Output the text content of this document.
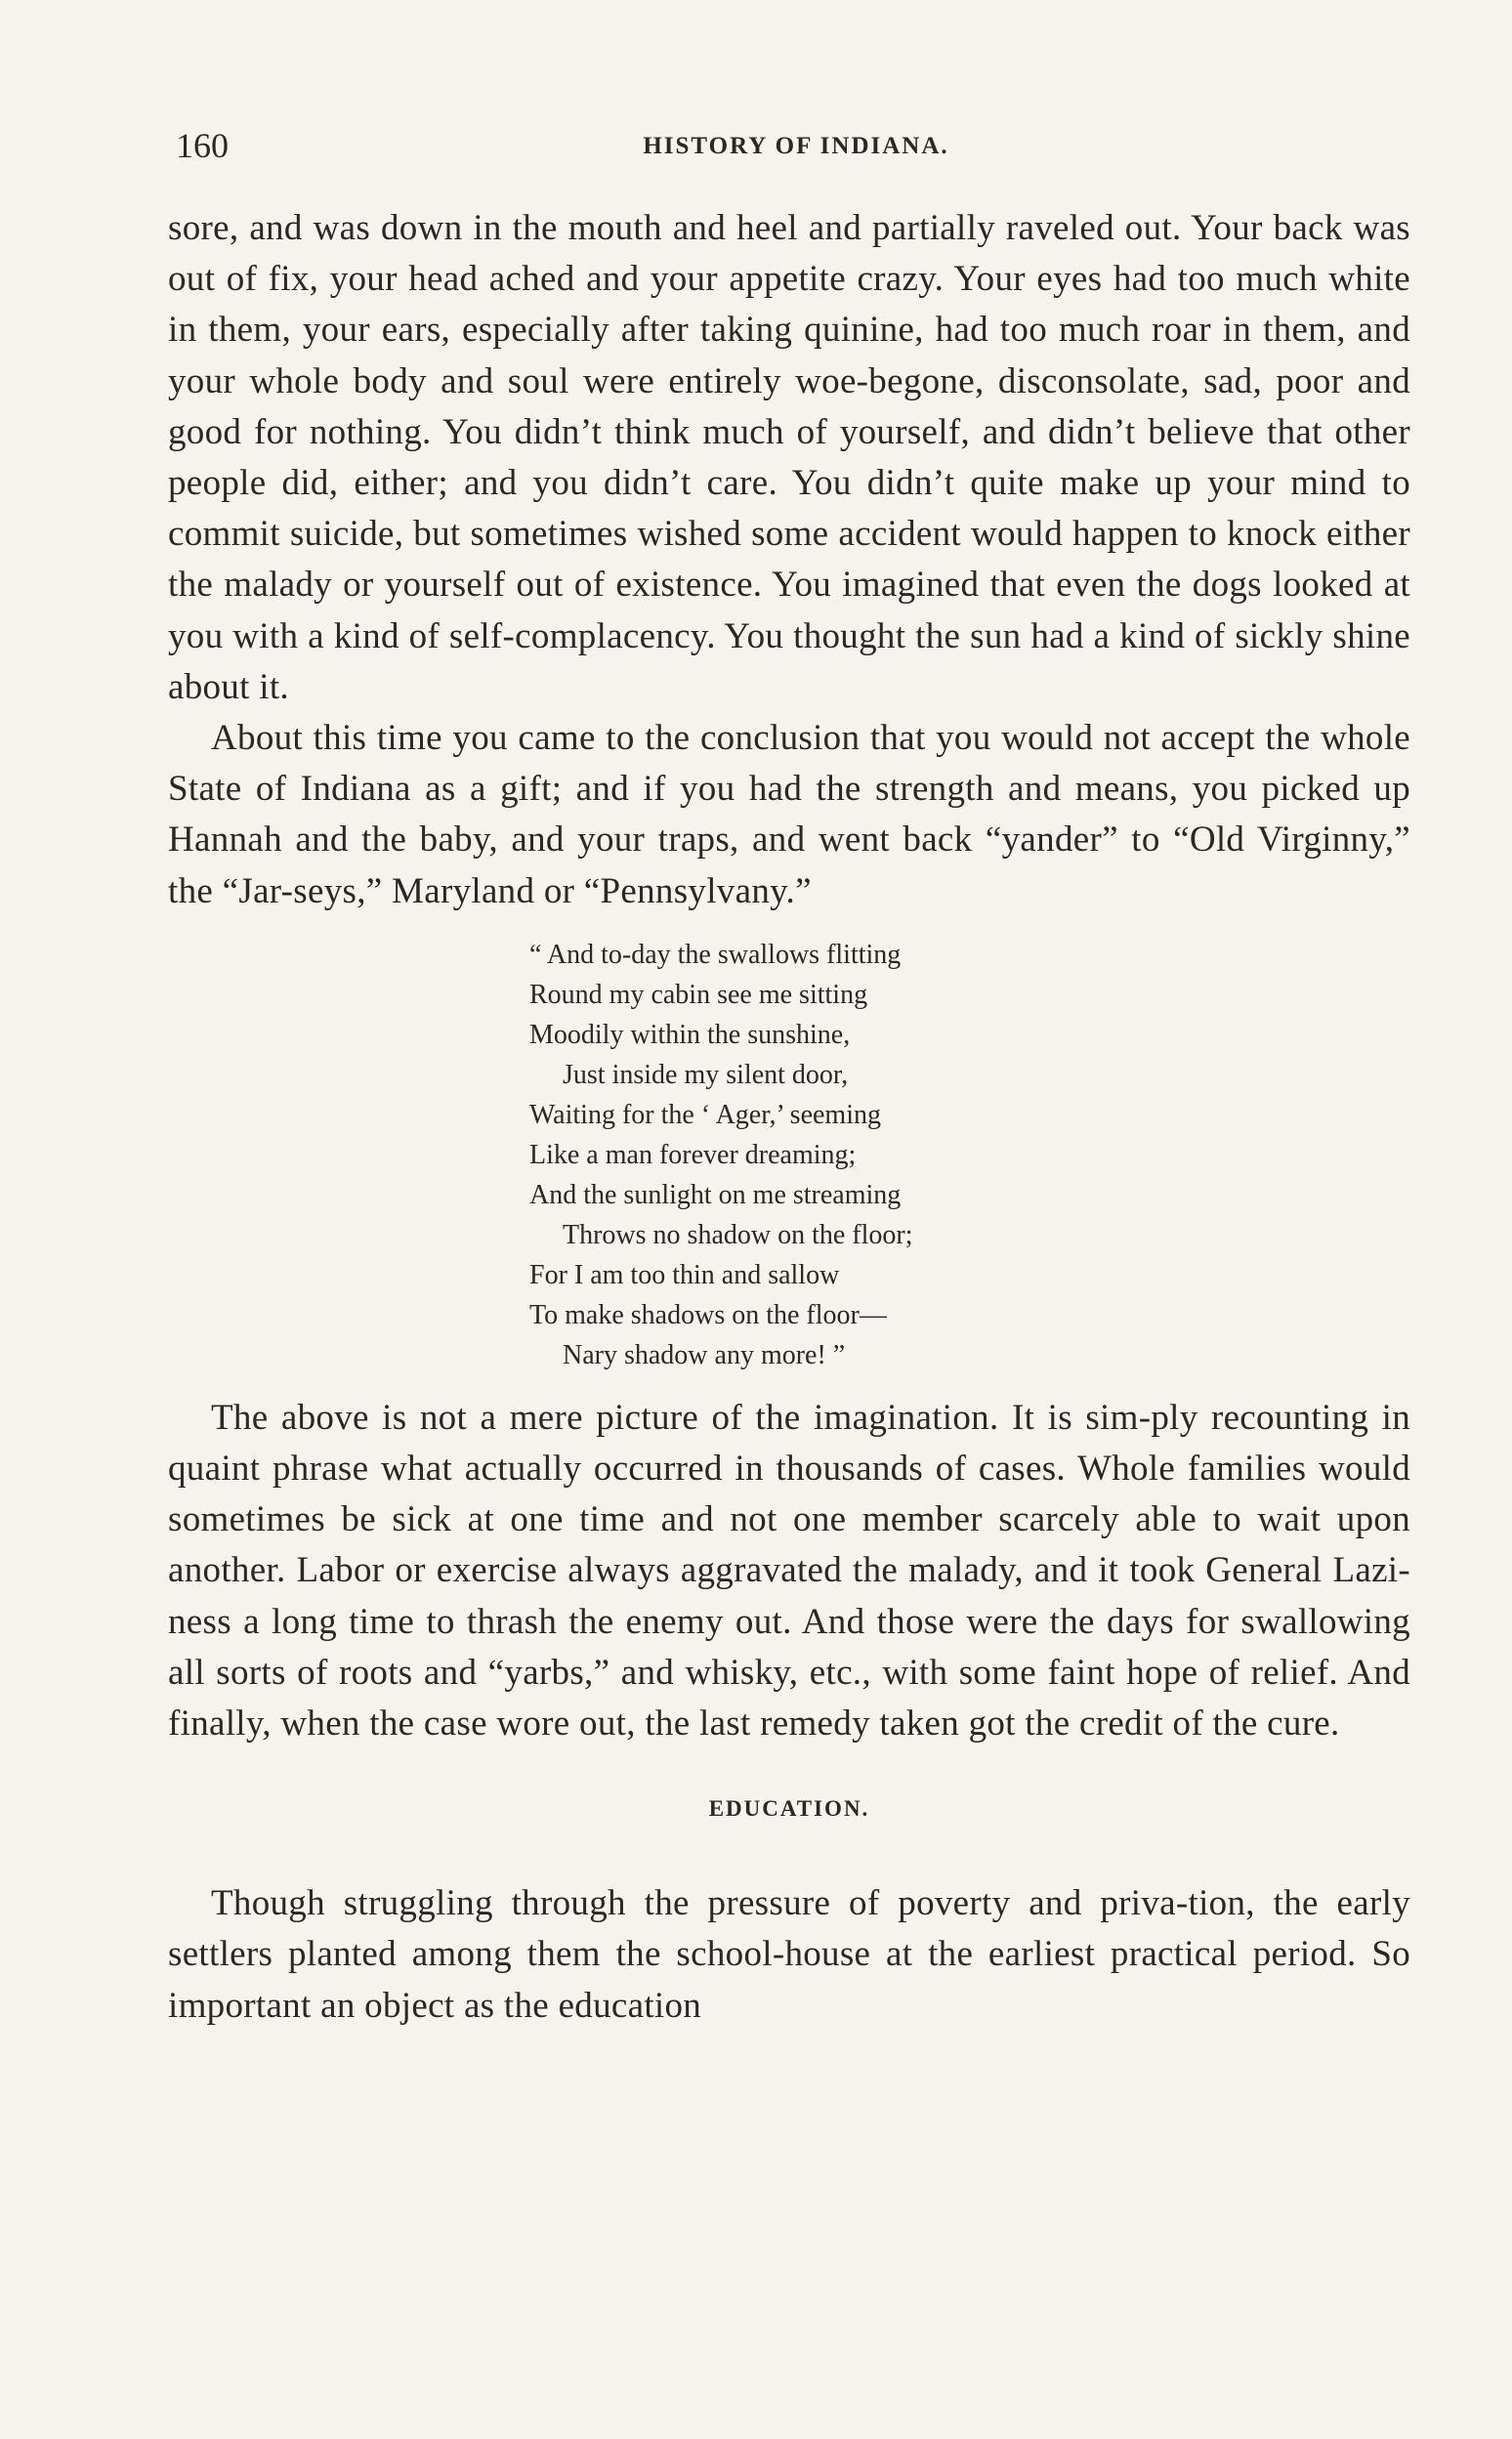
160	HISTORY OF INDIANA.

sore, and was down in the mouth and heel and partially raveled out. Your back was out of fix, your head ached and your appetite crazy. Your eyes had too much white in them, your ears, especially after taking quinine, had too much roar in them, and your whole body and soul were entirely woe-begone, disconsolate, sad, poor and good for nothing. You didn’t think much of yourself, and didn’t believe that other people did, either; and you didn’t care. You didn’t quite make up your mind to commit suicide, but sometimes wished some accident would happen to knock either the malady or yourself out of existence. You imagined that even the dogs looked at you with a kind of self-complacency. You thought the sun had a kind of sickly shine about it.

About this time you came to the conclusion that you would not accept the whole State of Indiana as a gift; and if you had the strength and means, you picked up Hannah and the baby, and your traps, and went back “yander” to “Old Virginny,” the “Jar-seys,” Maryland or “Pennsylvany.”

“ And to-day the swallows flitting
Round my cabin see me sitting
Moodily within the sunshine,
Just inside my silent door,
Waiting for the ‘ Ager,’ seeming
Like a man forever dreaming;
And the sunlight on me streaming
Throws no shadow on the floor;
For I am too thin and sallow
To make shadows on the floor—
Nary shadow any more! ”

The above is not a mere picture of the imagination. It is sim-ply recounting in quaint phrase what actually occurred in thousands of cases. Whole families would sometimes be sick at one time and not one member scarcely able to wait upon another. Labor or exercise always aggravated the malady, and it took General Lazi-ness a long time to thrash the enemy out. And those were the days for swallowing all sorts of roots and “yarbs,” and whisky, etc., with some faint hope of relief. And finally, when the case wore out, the last remedy taken got the credit of the cure.

EDUCATION.

Though struggling through the pressure of poverty and priva-tion, the early settlers planted among them the school-house at the earliest practical period. So important an object as the education
